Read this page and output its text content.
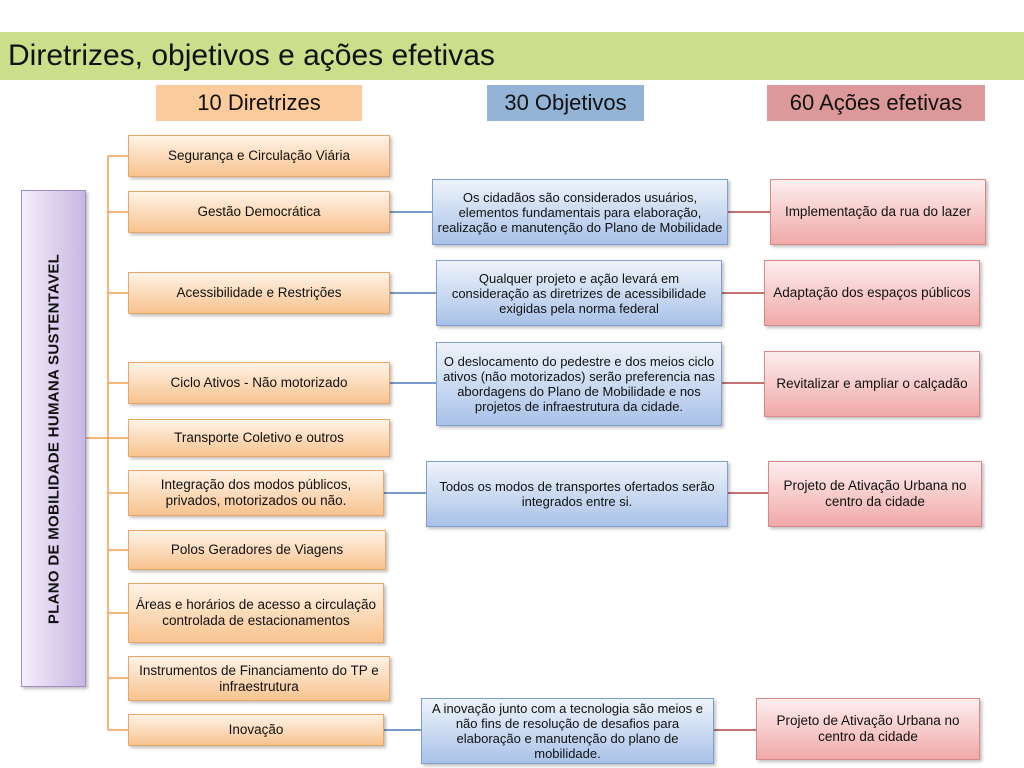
Diretrizes, objetivos e ações efetivas
10 Diretrizes	30 Objetivos	60 Ações efetivas
PLANO DE MOBILIDADE HUMANA SUSTENTAVEL
Segurança e Circulação Viária
Gestão Democrática
Acessibilidade e Restrições
Ciclo Ativos - Não motorizado
Transporte Coletivo e outros
Integração dos modos públicos, privados, motorizados ou não.
Polos Geradores de Viagens
Áreas e horários de acesso a circulação controlada de estacionamentos
Instrumentos de Financiamento do TP e infraestrutura
Inovação
Os cidadãos são considerados usuários, elementos fundamentais para elaboração, realização e manutenção do Plano de Mobilidade
Qualquer projeto e ação levará em consideração as diretrizes de acessibilidade exigidas pela norma federal
O deslocamento do pedestre e dos meios ciclo ativos (não motorizados) serão preferencia nas abordagens do Plano de Mobilidade e nos projetos de infraestrutura da cidade.
Todos os modos de transportes ofertados serão integrados entre si.
A inovação junto com a tecnologia são meios e não fins de resolução de desafios para elaboração e manutenção do plano de mobilidade.
Implementação da rua do lazer
Adaptação dos espaços públicos
Revitalizar e ampliar o calçadão
Projeto de Ativação Urbana no centro da cidade
Projeto de Ativação Urbana no centro da cidade
